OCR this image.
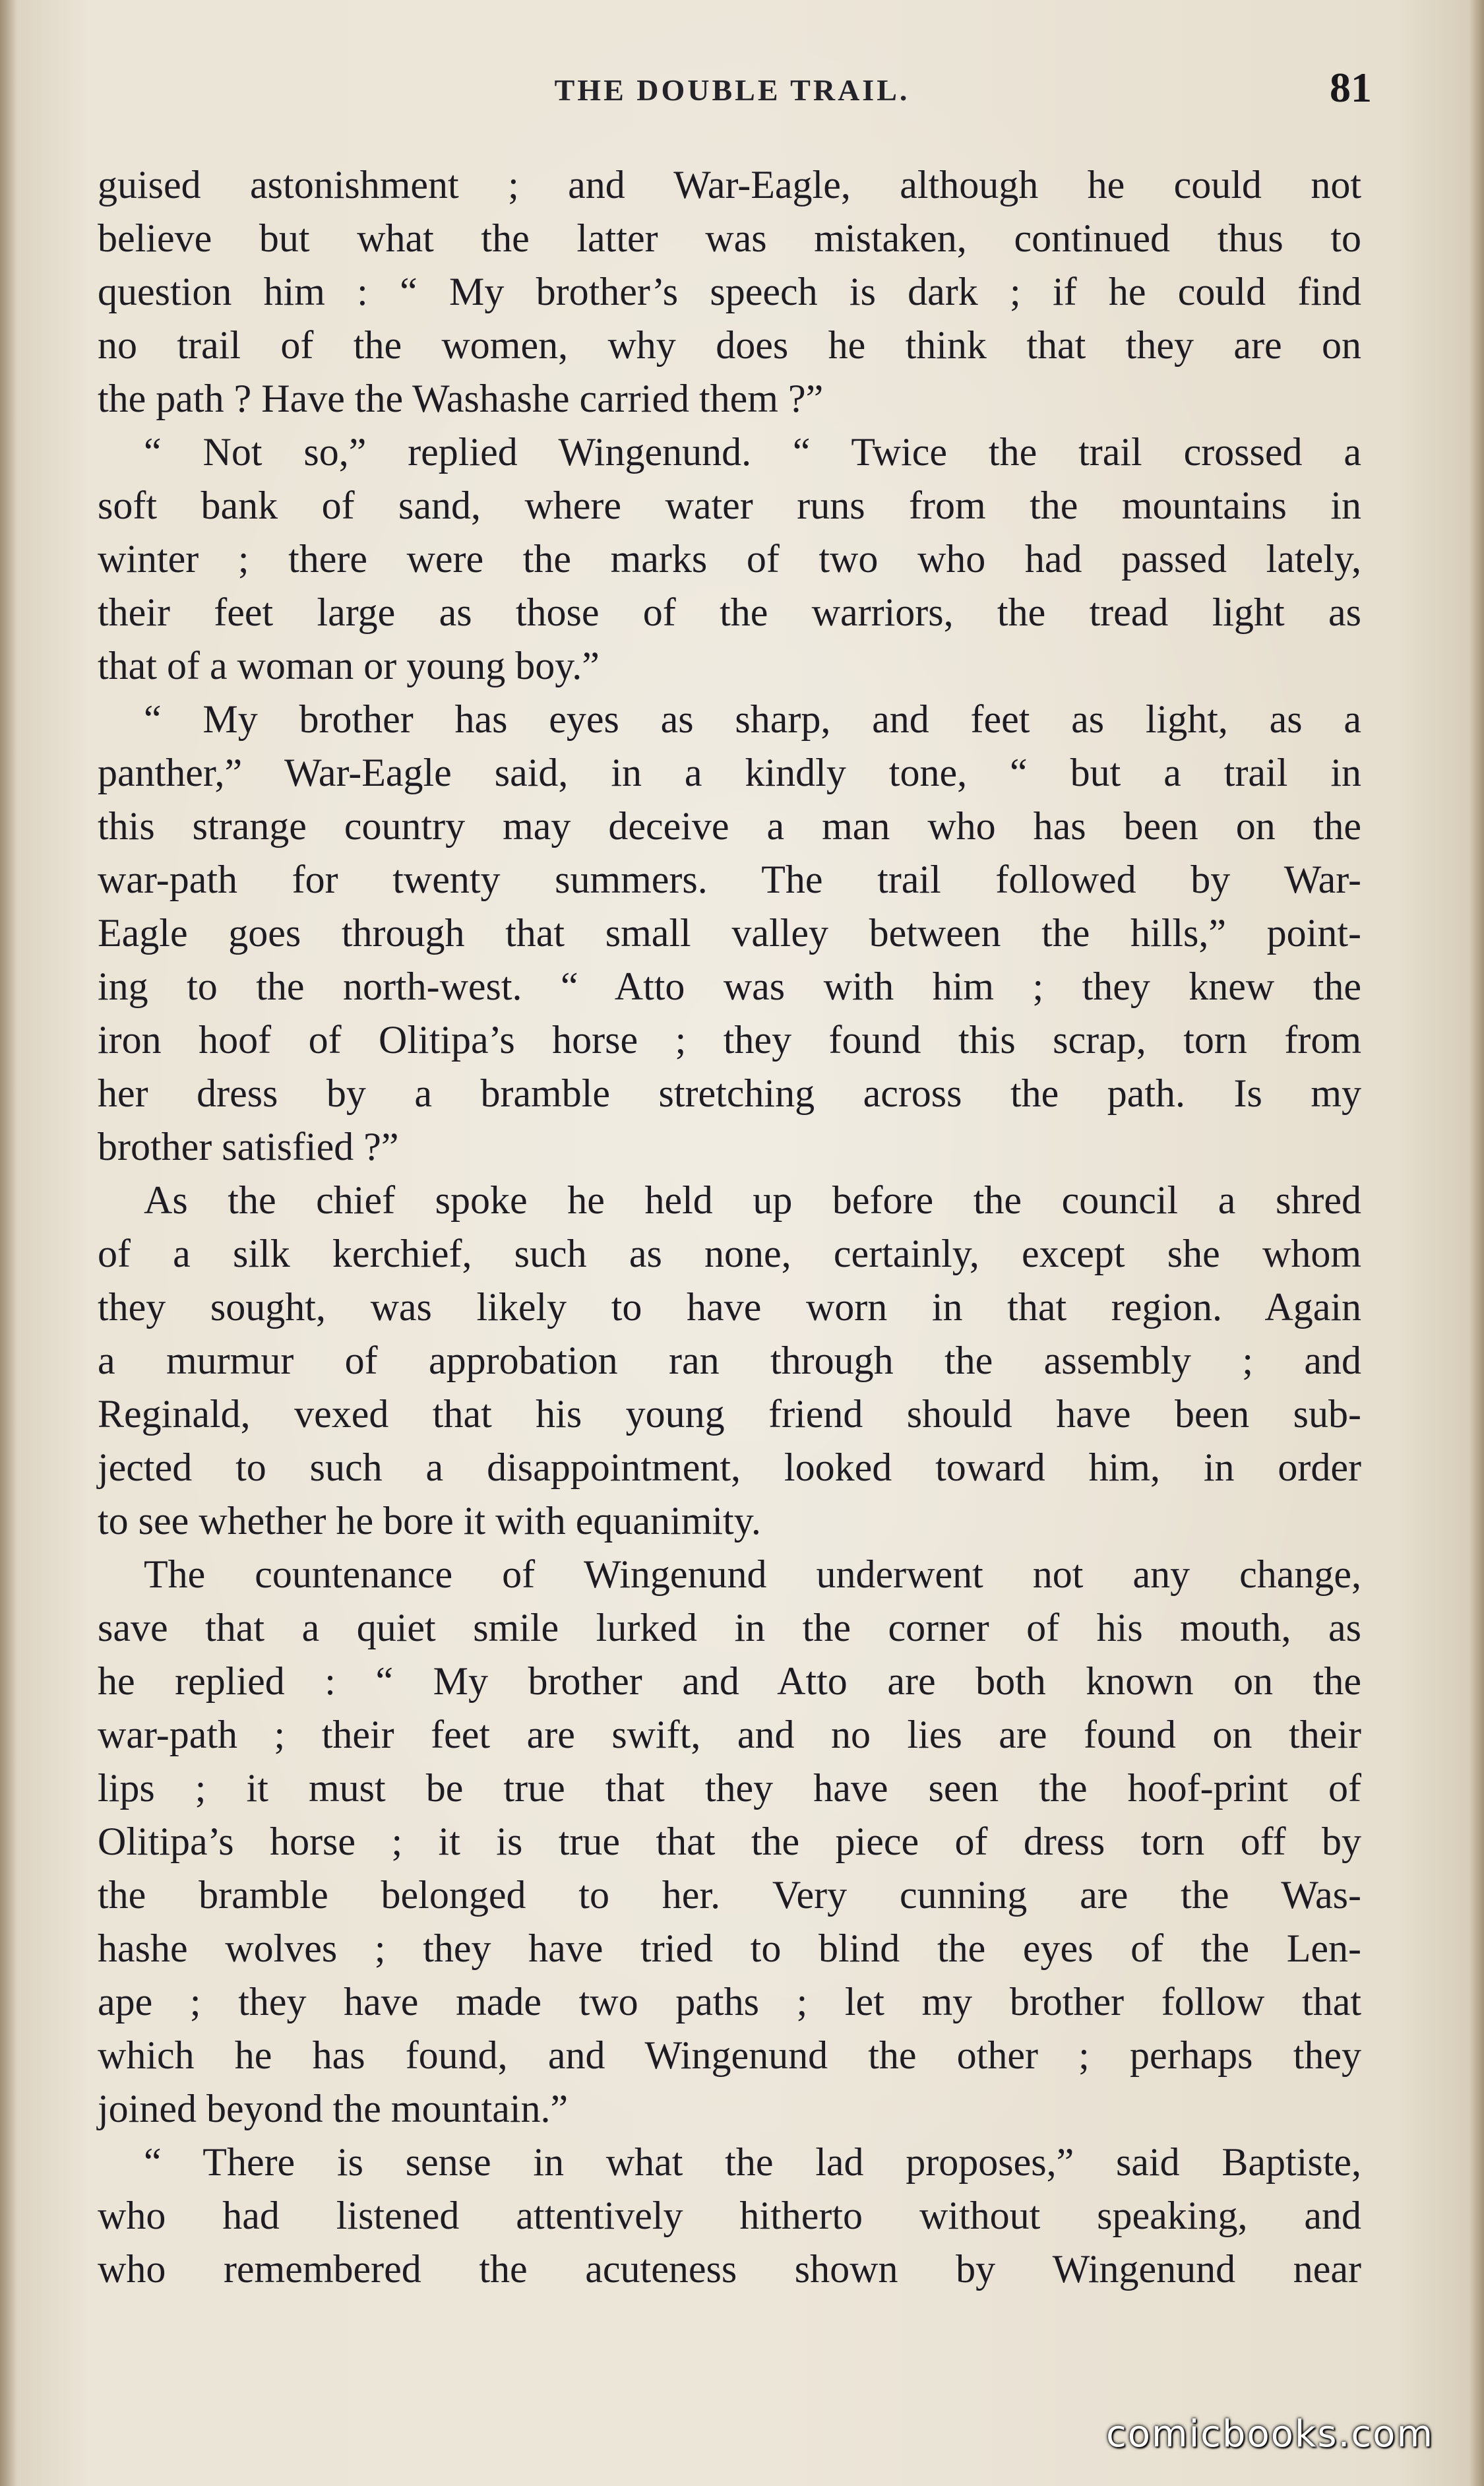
THE DOUBLE TRAIL.	81
guised astonishment ; and War-Eagle, although he could not
believe but what the latter was mistaken, continued thus to
question him : “ My brother’s speech is dark ; if he could find
no trail of the women, why does he think that they are on
the path ? Have the Washashe carried them ?”
“ Not so,” replied Wingenund. “ Twice the trail crossed a
soft bank of sand, where water runs from the mountains in
winter ; there were the marks of two who had passed lately,
their feet large as those of the warriors, the tread light as
that of a woman or young boy.”
“ My brother has eyes as sharp, and feet as light, as a
panther,” War-Eagle said, in a kindly tone, “ but a trail in
this strange country may deceive a man who has been on the
war-path for twenty summers. The trail followed by War-
Eagle goes through that small valley between the hills,” point-
ing to the north-west. “ Atto was with him ; they knew the
iron hoof of Olitipa’s horse ; they found this scrap, torn from
her dress by a bramble stretching across the path. Is my
brother satisfied ?”
As the chief spoke he held up before the council a shred
of a silk kerchief, such as none, certainly, except she whom
they sought, was likely to have worn in that region. Again
a murmur of approbation ran through the assembly ; and
Reginald, vexed that his young friend should have been sub-
jected to such a disappointment, looked toward him, in order
to see whether he bore it with equanimity.
The countenance of Wingenund underwent not any change,
save that a quiet smile lurked in the corner of his mouth, as
he replied : “ My brother and Atto are both known on the
war-path ; their feet are swift, and no lies are found on their
lips ; it must be true that they have seen the hoof-print of
Olitipa’s horse ; it is true that the piece of dress torn off by
the bramble belonged to her. Very cunning are the Was-
hashe wolves ; they have tried to blind the eyes of the Len-
ape ; they have made two paths ; let my brother follow that
which he has found, and Wingenund the other ; perhaps they
joined beyond the mountain.”
“ There is sense in what the lad proposes,” said Baptiste,
who had listened attentively hitherto without speaking, and
who remembered the acuteness shown by Wingenund near
comicbooks.com
